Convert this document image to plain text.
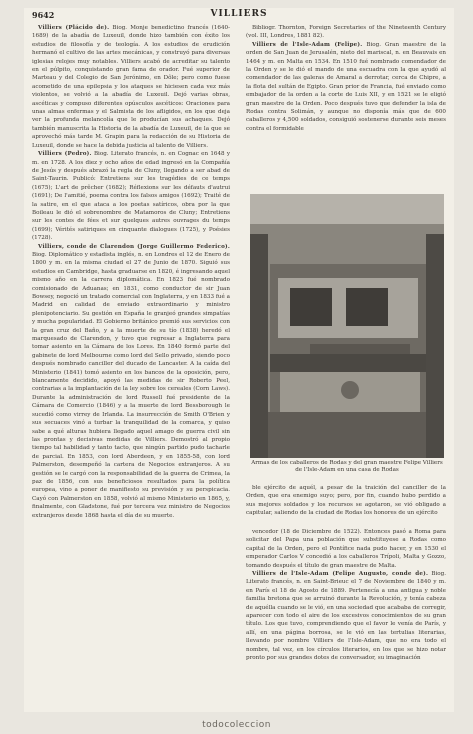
9642	VILLIERS

Villiers (Plácido de). Biog. Monje benedictino francés (1640-1689) de la abadía de Luxeuil, donde hizo también con éxito los estudios de filosofía y de teología. A los estudios de erudición hermanó el cultivo de las artes mecánicas, y construyó para diversas iglesias relojes muy notables. Villiers acabó de acreditar su talento en el púlpito, conquistando gran fama de orador. Fué superior de Marteau y del Colegio de San Jerónimo, en Dôle; pero como fuese acometido de una epilepsia y los ataques se hiciesen cada vez más violentos, se volvió a la abadía de Luxeuil. Dejó varias obras, ascéticas y compuso diferentes opúsculos ascéticos: Oraciones para unas almas enfermas y el Salmista de los afligidos, en los que deja ver la profunda melancolía que le producían sus achaques. Dejó también manuscrita la Historia de la abadía de Luxeuil, de la que se aprovechó más tarde M. Grapin para la redacción de su Historia de Luxeuil, donde se hace la debida justicia al talento de Villiers.

Villiers (Pedro). Biog. Literato francés, n. en Cognac en 1648 y m. en 1728. A los diez y ocho años de edad ingresó en la Compañía de Jesús y después abrazó la regla de Cluny, llegando a ser abad de Saint-Taurin. Publicó: Entretiens sur les tragédies de ce temps (1675); L'art de prêcher (1682); Réflexions sur les défauts d'autrui (1691); De l'amitié, poema contra los falsos amigos (1692); Traité de la satire, en el que ataca a los poetas satíricos, obra por la que Boileau le dió el sobrenombre de Matamoros de Cluny; Entretiens sur les contes de fées et sur quelques autres ouvrages du temps (1699); Vérités satiriques en cinquante dialogues (1725), y Poésies (1728).

Villiers, conde de Clarendon (Jorge Guillermo Federico). Biog. Diplomático y estadista inglés, n. en Londres el 12 de Enero de 1800 y m. en la misma ciudad el 27 de Junio de 1870. Siguió sus estudios en Cambridge, hasta graduarse en 1820, é ingresando aquel mismo año en la carrera diplomática. En 1823 fué nombrado comisionado de Aduanas; en 1831, como conductor de sir Juan Bowsey, negoció un tratado comercial con Inglaterra, y en 1833 fué a Madrid en calidad de enviado extraordinario y ministro plenipotenciario. Su gestión en España le granjeó grandes simpatías y mucha popularidad. El Gobierno británico premió sus servicios con la gran cruz del Baño, y a la muerte de su tío (1838) heredó el marquesado de Clarendon, y tuvo que regresar a Inglaterra para tomar asiento en la Cámara de los Lores. En 1840 formó parte del gabinete de lord Melbourne como lord del Sello privado, siendo poco después nombrado canciller del ducado de Lancaster. A la caída del Ministerio (1841) tomó asiento en los bancos de la oposición, pero, blancamente decidido, apoyó las medidas de sir Roberto Peel, contrarias a la implantación de la ley sobre los cereales (Corn Laws). Durante la administración de lord Russell fué presidente de la Cámara de Comercio (1846) y a la muerte de lord Bessborough le sucedió como virrey de Irlanda. La insurrección de Smith O'Brien y sus secuaces vinó a turbar la tranquilidad de la comarca, y quiso sabe a qué alturas hubiera llegado aquel amago de guerra civil sin las prontas y decisivas medidas de Villiers. Demostró al propio tiempo tal habilidad y tanto tacto, que ningún partido pudo tacharle de parcial. En 1853, con lord Aberdeen, y en 1855-58, con lord Palmerston, desempeñó la cartera de Negocios extranjeros. A su gestión se le cargó con la responsabilidad de la guerra de Crimea, la paz de 1856, con sus beneficiosos resultados para la política europea, vino a poner de manifiesto su previsión y su perspicacia. Cayó con Palmerston en 1858, volvió al mismo Ministerio en 1865, y, finalmente, con Gladstone, fué por tercera vez ministro de Negocios extranjeros desde 1868 hasta el día de su muerte.

Bibliogr. Thornton, Foreign Secretaries of the Nineteenth Century (vol. III, Londres, 1881 82).

Villiers de l'Isle-Adam (Felipe). Biog. Gran maestre de la orden de San Juan de Jerusalén, nieto del mariscal, n. en Beauvais en 1464 y m. en Malta en 1534. En 1510 fué nombrado comendador de la Orden y se le dió el mando de una escuadra con la que ayudó al comendador de las galeras de Amaral a derrotar, cerca de Chipre, a la flota del sultán de Egipto. Gran prior de Francia, fué enviado como embajador de la orden a la corte de Luis XII, y en 1521 se le eligió gran maestre de la Orden. Poco después tuvo que defender la isla de Rodas contra Solimán, y aunque no disponía más que de 600 caballeros y 4,500 soldados, consiguió sostenerse durante seis meses contra el formidable

Armas de los caballeros de Rodas y del gran maestre Felipe Villiers de l'Isle-Adam en una casa de Rodas

ble ejército de aquél, a pesar de la traición del canciller de la Orden, que era enemigo suyo; pero, por fin, cuando hubo perdido a sus mejores soldados y los recursos se agotaron, se vió obligado a capitular, saliendo de la ciudad de Rodas los honores de un ejército

vencedor (18 de Diciembre de 1522). Entonces pasó a Roma para solicitar del Papa una población que substituyese a Rodas como capital de la Orden, pero el Pontífice nada pudo hacer, y en 1530 el emperador Carlos V concedió a los caballeros Trípoli, Malta y Gozzo, tomando después el título de gran maestre de Malta.

Villiers de l'Isle-Adam (Felipe Augusto, conde de). Biog. Literato francés, n. en Saint-Brieuc el 7 de Noviembre de 1840 y m. en París el 18 de Agosto de 1889. Pertenecía a una antigua y noble familia bretona que se arruinó durante la Revolución, y tenía cabeza de aquélla cuando se le vió, en una sociedad que acababa de corregir, aparecer con todo el aire de los excesivos conocimientos de su gran título. Los que tuvo, comprendiendo que el favor le venía de París, y allí, en una página borrosa, se le vió en las tertulias literarias, llevando por nombre Villiers de l'Isle-Adam, que no era todo el nombre, tal vez, en los círculos literarios, en los que se hizo notar pronto por sus grandes dotes de conversador, su imaginación

todocoleccion
